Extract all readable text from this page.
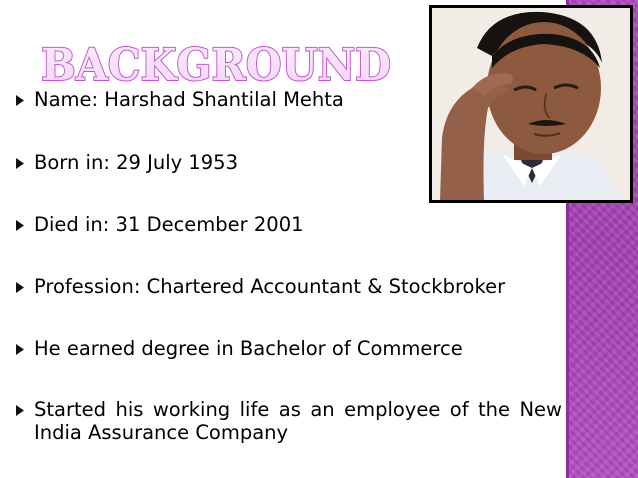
BACKGROUND
Name: Harshad Shantilal Mehta
Born in: 29 July 1953
Died in: 31 December 2001
Profession: Chartered Accountant & Stockbroker
He earned degree in Bachelor of Commerce
Started his working life as an employee of the New India Assurance Company
